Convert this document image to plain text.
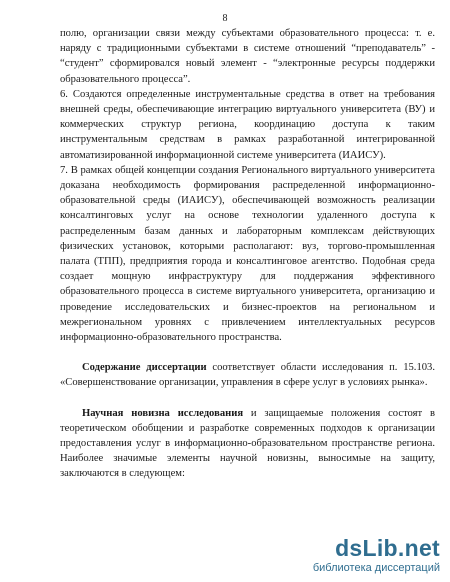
8

полю, организации связи между субъектами образовательного процесса: т. е. наряду с традиционными субъектами в системе отношений “преподаватель” - “студент” сформировался новый элемент - “электронные ресурсы поддержки образовательного процесса”.

6. Создаются определенные инструментальные средства в ответ на требования внешней среды, обеспечивающие интеграцию виртуального университета (ВУ) и коммерческих структур региона, координацию доступа к таким инструментальным средствам в рамках разработанной интегрированной автоматизированной информационной системе университета (ИАИСУ).

7. В рамках общей концепции создания Регионального виртуального университета доказана необходимость формирования распределенной информационно-образовательной среды (ИАИСУ), обеспечивающей возможность реализации консалтинговых услуг на основе технологии удаленного доступа к распределенным базам данных и лабораторным комплексам действующих физических установок, которыми располагают: вуз, торгово-промышленная палата (ТПП), предприятия города и консалтинговое агентство. Подобная среда создает мощную инфраструктуру для поддержания эффективного образовательного процесса в системе виртуального университета, организацию и проведение исследовательских и бизнес-проектов на региональном и межрегиональном уровнях с привлечением интеллектуальных ресурсов информационно-образовательного пространства.

Содержание диссертации соответствует области исследования п. 15.103. «Совершенствование организации, управления в сфере услуг в условиях рынка».

Научная новизна исследования и защищаемые положения состоят в теоретическом обобщении и разработке современных подходов к организации предоставления услуг в информационно-образовательном пространстве региона. Наиболее значимые элементы научной новизны, выносимые на защиту, заключаются в следующем:

dsLib.net
библиотека диссертаций
